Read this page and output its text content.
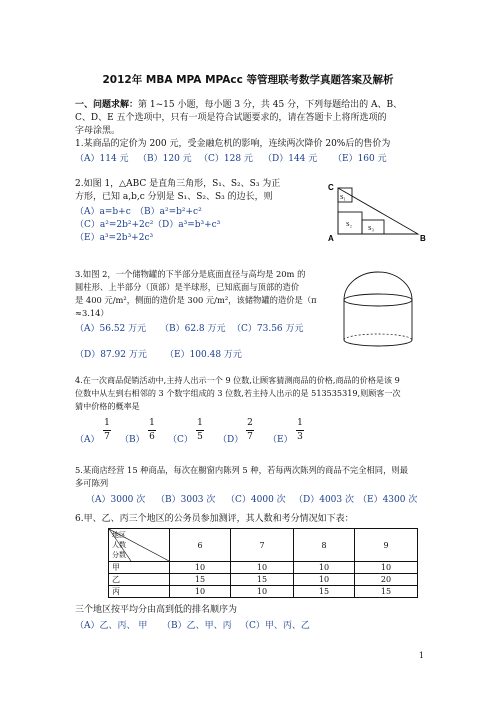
2012年 MBA MPA MPAcc 等管理联考数学真题答案及解析
一、问题求解：第 1~15 小题，每小题 3 分，共 45 分，下列每题给出的 A、B、
C、D、E 五个选项中，只有一项是符合试题要求的，请在答题卡上将所选项的
字母涂黑。
1.某商品的定价为 200 元，受金融危机的影响，连续两次降价 20%后的售价为
（A）114 元 （B）120 元 （C）128 元 （D）144 元 （E）160 元
2.如图 1，△ABC 是直角三角形，S₁、S₂、S₃ 为正
方形，已知 a,b,c 分别是 S₁、S₂、S₃ 的边长，则
（A）a=b+c （B）a²=b²+c²
（C）a²=2b²+2c² （D）a³=b³+c³
（E）a³=2b³+2c³
C
A	B
S₁
S₂
S₃
3.如图 2，一个储物罐的下半部分是底面直径与高均是 20m 的
圆柱形、上半部分（顶部）是半球形，已知底面与顶部的造价
是 400 元/m²，侧面的造价是 300 元/m²，该储物罐的造价是（π
≈3.14）
（A）56.52 万元 （B）62.8 万元 （C）73.56 万元
（D）87.92 万元 （E）100.48 万元
4.在一次商品促销活动中,主持人出示一个 9 位数,让顾客猜测商品的价格,商品的价格是该 9
位数中从左到右相邻的 3 个数字组成的 3 位数,若主持人出示的是 513535319,则顾客一次
猜中价格的概率是
（A）
1
7	（B）
1
6	（C）
1
5	（D）
2
7	（E）
1
3
5.某商店经营 15 种商品，每次在橱窗内陈列 5 种，若每两次陈列的商品不完全相同，则最
多可陈列
（A）3000 次 （B）3003 次 （C）4000 次 （D）4003 次 （E）4300 次
6.甲、乙、丙三个地区的公务员参加测评，其人数和考分情况如下表：
地区
人数
分数	6	7	8	9
甲	10	10	10	10
乙	15	15	10	20
丙	10	10	15	15
三个地区按平均分由高到低的排名顺序为
（A）乙、丙、 甲 （B）乙、甲、丙 （C）甲、丙、乙
1
